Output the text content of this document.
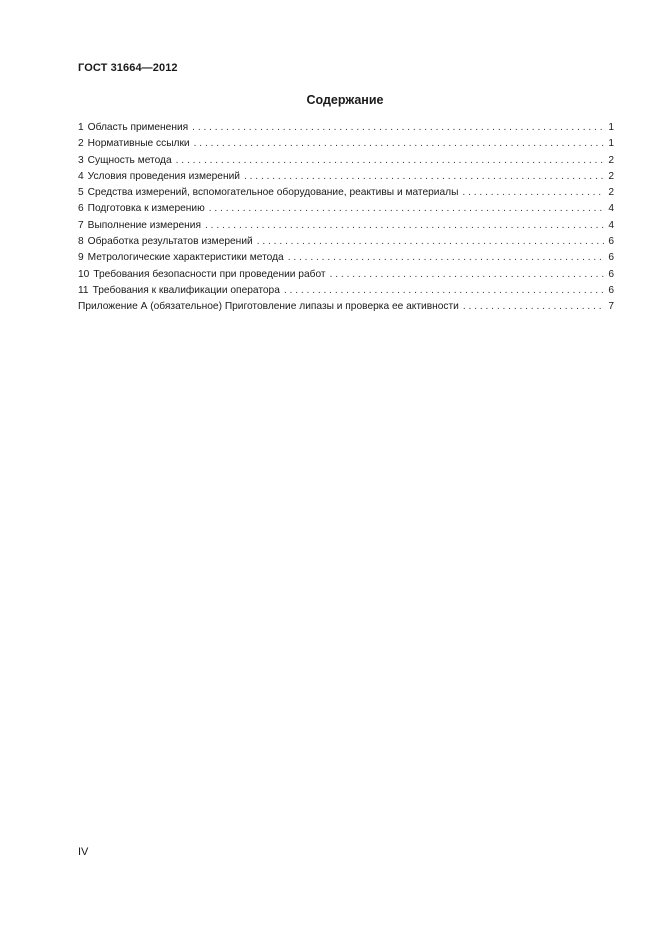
ГОСТ 31664—2012
Содержание
1 Область применения . . .	1
2 Нормативные ссылки . . .	1
3 Сущность метода . . .	2
4 Условия проведения измерений . . .	2
5 Средства измерений, вспомогательное оборудование, реактивы и материалы . . .	2
6 Подготовка к измерению . . .	4
7 Выполнение измерения . . .	4
8 Обработка результатов измерений . . .	6
9 Метрологические характеристики метода . . .	6
10 Требования безопасности при проведении работ . . .	6
11 Требования к квалификации оператора . . .	6
Приложение А (обязательное) Приготовление липазы и проверка ее активности . . .	7
IV
